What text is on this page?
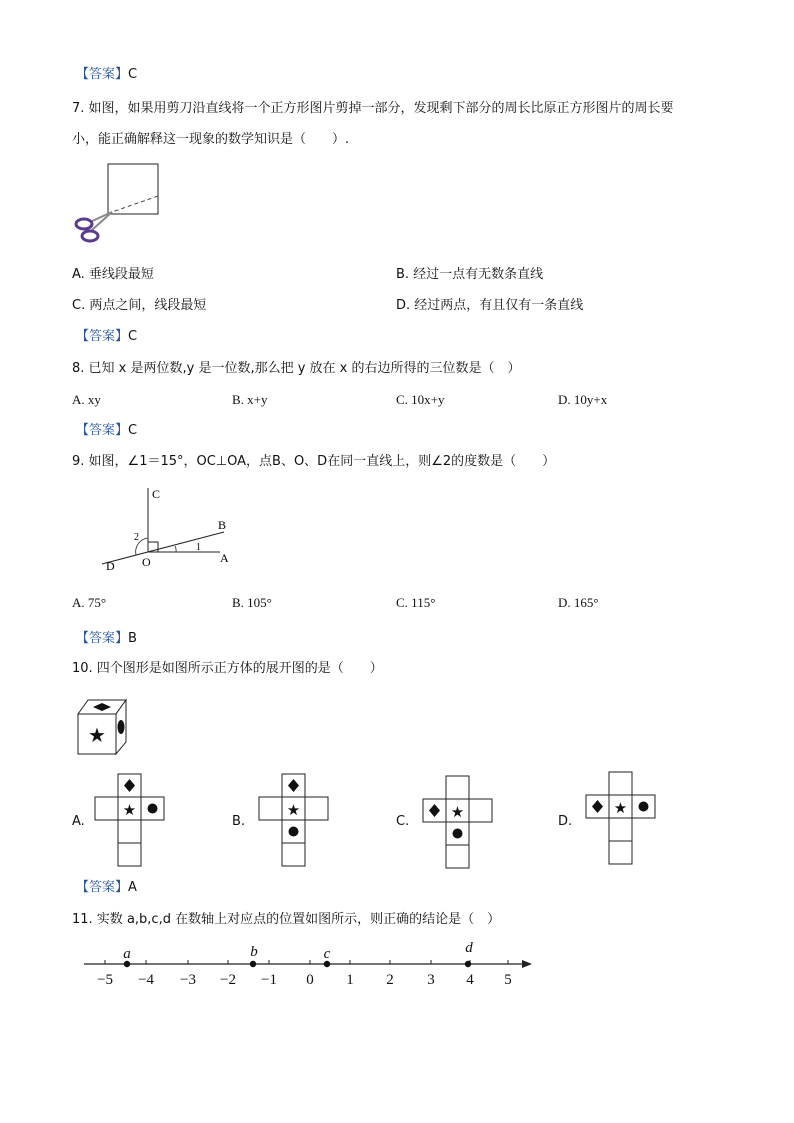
【答案】C
7. 如图，如果用剪刀沿直线将一个正方形图片剪掉一部分，发现剩下部分的周长比原正方形图片的周长要
小，能正确解释这一现象的数学知识是（　　）.
A. 垂线段最短	B. 经过一点有无数条直线
C. 两点之间，线段最短	D. 经过两点，有且仅有一条直线
【答案】C
8. 已知 x 是两位数,y 是一位数,那么把 y 放在 x 的右边所得的三位数是（　）
A. xy	B. x+y	C. 10x+y	D. 10y+x
【答案】C
9. 如图，∠1＝15°，OC⊥OA，点B、O、D在同一直线上，则∠2的度数是（　　）
C
B
A
O
D
1
2
A. 75°	B. 105°	C. 115°	D. 165°
【答案】B
10. 四个图形是如图所示正方体的展开图的是（　　）
★
A.
★
B.
★
C.
★
D.
★
【答案】A
11. 实数 a,b,c,d 在数轴上对应点的位置如图所示，则正确的结论是（　）
−5 −4 −3 −2 −1 0 1 2 3 4 5
a	b	c	d
